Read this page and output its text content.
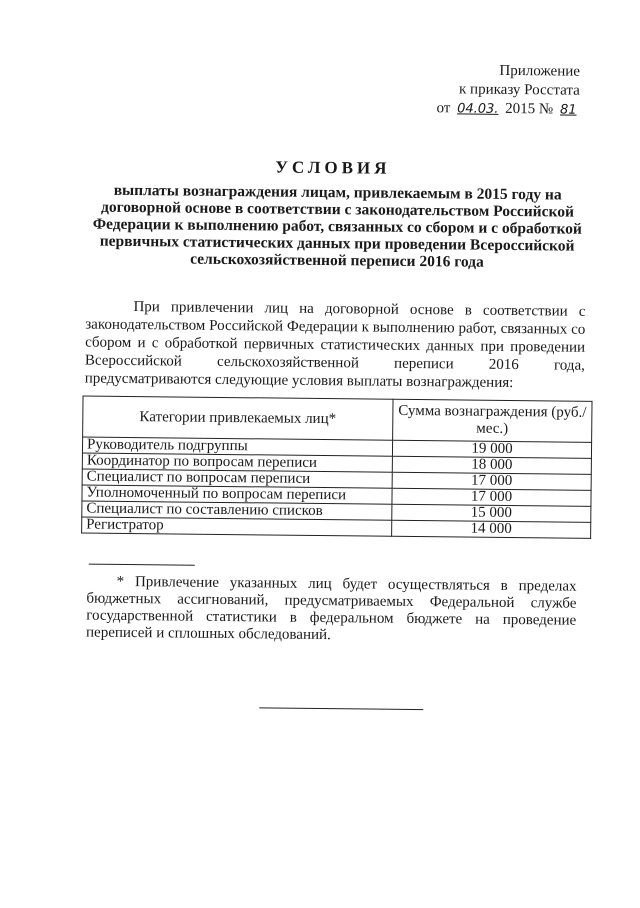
Приложение
к приказу Росстата
от 04.03. 2015 № 81
УСЛОВИЯ
выплаты вознаграждения лицам, привлекаемым в 2015 году на договорной основе в соответствии с законодательством Российской Федерации к выполнению работ, связанных со сбором и с обработкой первичных статистических данных при проведении Всероссийской сельскохозяйственной переписи 2016 года
При привлечении лиц на договорной основе в соответствии с законодательством Российской Федерации к выполнению работ, связанных со сбором и с обработкой первичных статистических данных при проведении Всероссийской сельскохозяйственной переписи 2016 года, предусматриваются следующие условия выплаты вознаграждения:
Категории привлекаемых лиц*	Сумма вознаграждения (руб./мес.)
Руководитель подгруппы	19 000
Координатор по вопросам переписи	18 000
Специалист по вопросам переписи	17 000
Уполномоченный по вопросам переписи	17 000
Специалист по составлению списков	15 000
Регистратор	14 000
* Привлечение указанных лиц будет осуществляться в пределах бюджетных ассигнований, предусматриваемых Федеральной службе государственной статистики в федеральном бюджете на проведение переписей и сплошных обследований.
